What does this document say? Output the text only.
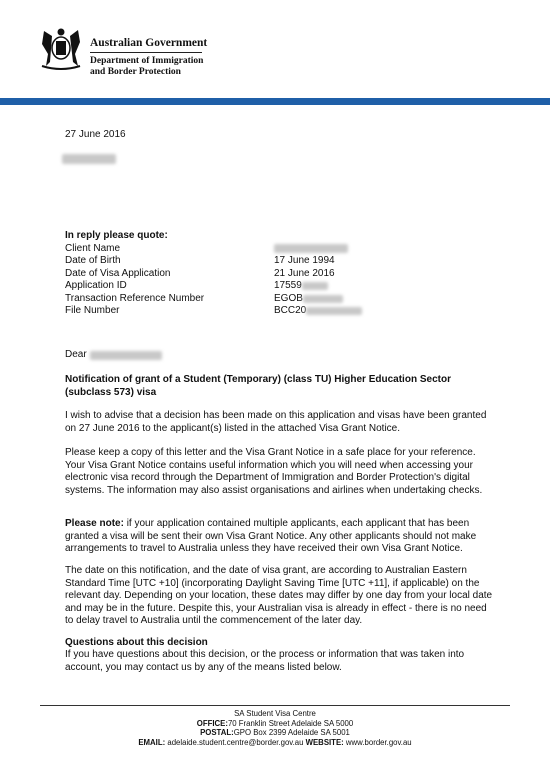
Australian Government
Department of Immigration
and Border Protection
27 June 2016
In reply please quote:
Client Name
Date of Birth	17 June 1994
Date of Visa Application	21 June 2016
Application ID	17559
Transaction Reference Number	EGOB
File Number	BCC20
Dear
Notification of grant of a Student (Temporary) (class TU) Higher Education Sector (subclass 573) visa
I wish to advise that a decision has been made on this application and visas have been granted on 27 June 2016 to the applicant(s) listed in the attached Visa Grant Notice.
Please keep a copy of this letter and the Visa Grant Notice in a safe place for your reference. Your Visa Grant Notice contains useful information which you will need when accessing your electronic visa record through the Department of Immigration and Border Protection's digital systems. The information may also assist organisations and airlines when undertaking checks.
Please note: if your application contained multiple applicants, each applicant that has been granted a visa will be sent their own Visa Grant Notice. Any other applicants should not make arrangements to travel to Australia unless they have received their own Visa Grant Notice.
The date on this notification, and the date of visa grant, are according to Australian Eastern Standard Time [UTC +10] (incorporating Daylight Saving Time [UTC +11], if applicable) on the relevant day. Depending on your location, these dates may differ by one day from your local date and may be in the future. Despite this, your Australian visa is already in effect - there is no need to delay travel to Australia until the commencement of the later day.
Questions about this decision
If you have questions about this decision, or the process or information that was taken into account, you may contact us by any of the means listed below.
SA Student Visa Centre
OFFICE:70 Franklin Street Adelaide SA 5000
POSTAL:GPO Box 2399 Adelaide SA 5001
EMAIL: adelaide.student.centre@border.gov.au WEBSITE: www.border.gov.au
